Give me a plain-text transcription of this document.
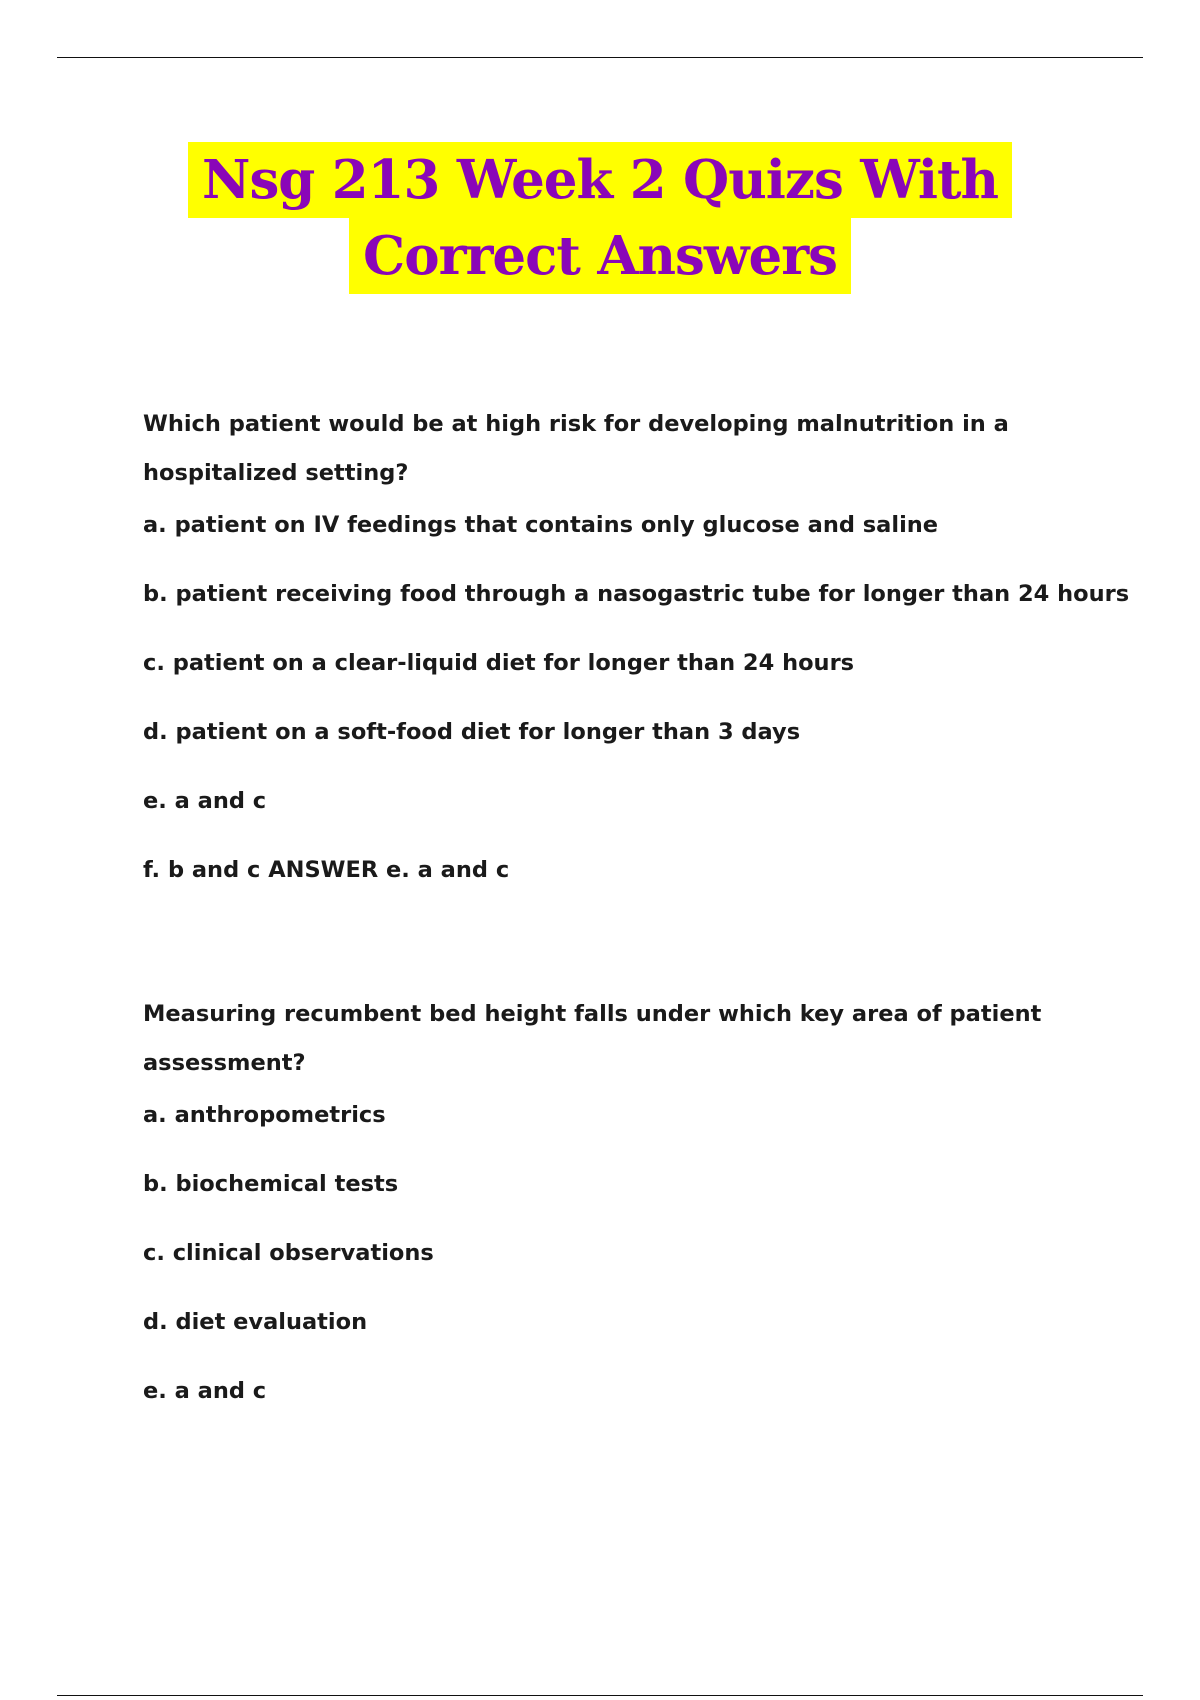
Nsg 213 Week 2 Quizs With
Correct Answers

Which patient would be at high risk for developing malnutrition in a
hospitalized setting?

a. patient on IV feedings that contains only glucose and saline

b. patient receiving food through a nasogastric tube for longer than 24 hours

c. patient on a clear-liquid diet for longer than 24 hours

d. patient on a soft-food diet for longer than 3 days

e. a and c

f. b and c ANSWER e. a and c

Measuring recumbent bed height falls under which key area of patient
assessment?

a. anthropometrics

b. biochemical tests

c. clinical observations

d. diet evaluation

e. a and c
